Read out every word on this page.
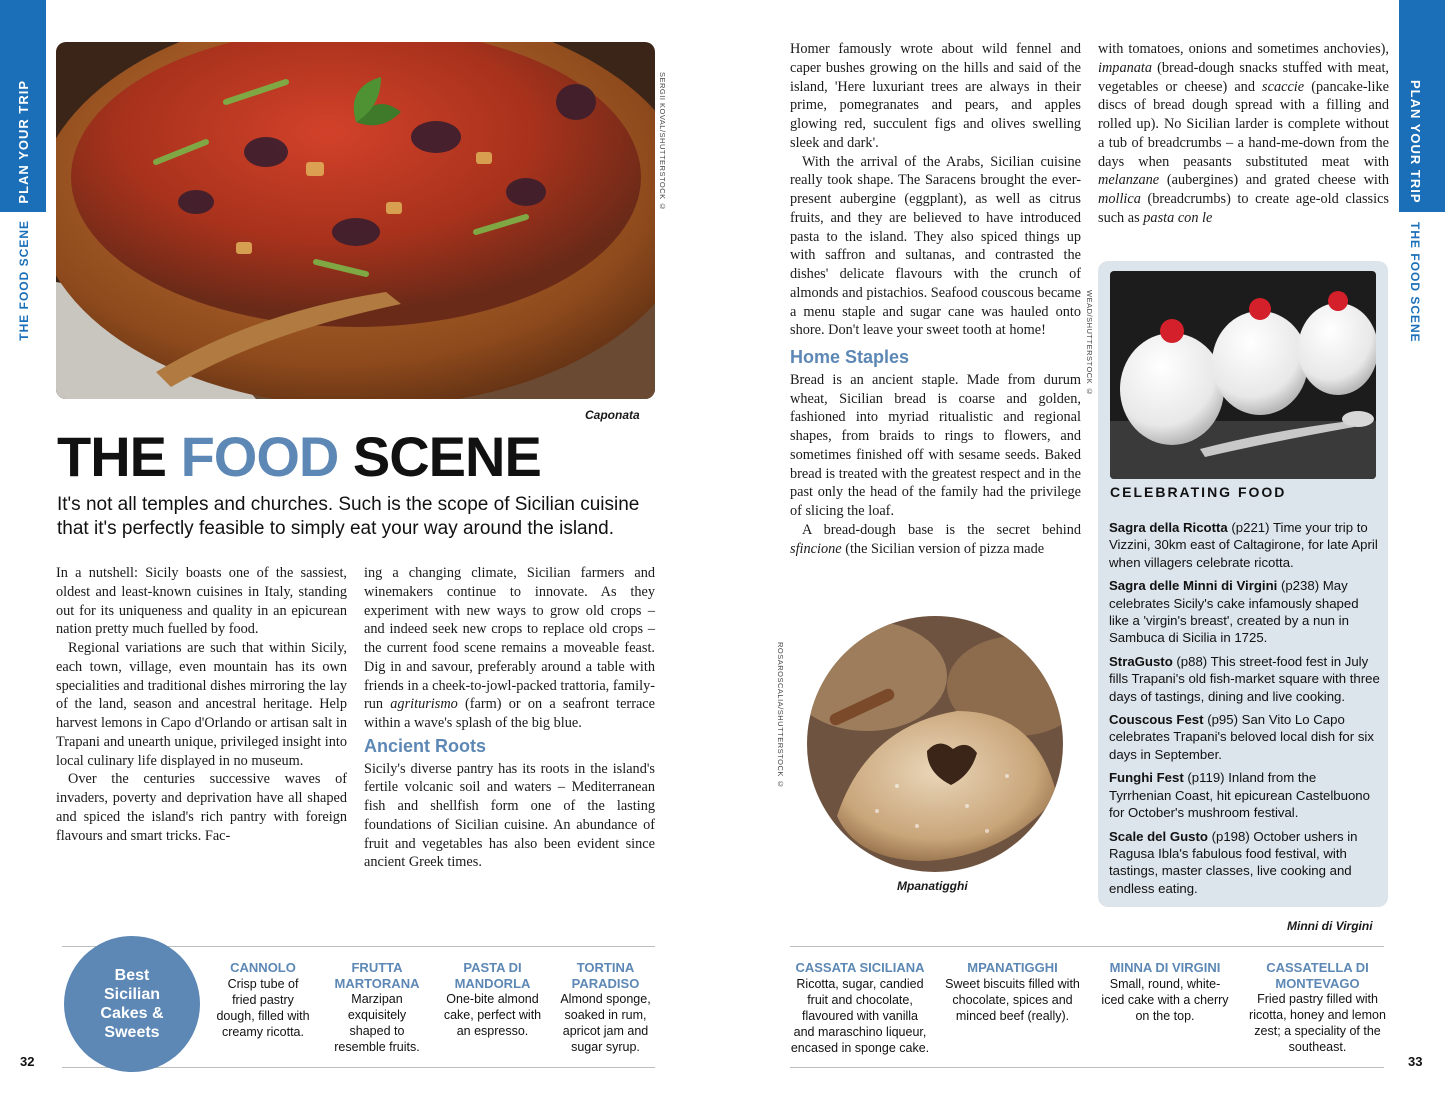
PLAN YOUR TRIP
THE FOOD SCENE
PLAN YOUR TRIP
THE FOOD SCENE
SERGII KOVAL/SHUTTERSTOCK ©
Caponata
THE FOOD SCENE
It's not all temples and churches. Such is the scope of Sicilian cuisine that it's perfectly feasible to simply eat your way around the island.

In a nutshell: Sicily boasts one of the sassiest, oldest and least-known cuisines in Italy, standing out for its uniqueness and quality in an epicurean nation pretty much fuelled by food.

Regional variations are such that within Sicily, each town, village, even mountain has its own specialities and traditional dishes mirroring the lay of the land, season and ancestral heritage. Help harvest lemons in Capo d'Orlando or artisan salt in Trapani and unearth unique, privileged insight into local culinary life displayed in no museum.

Over the centuries successive waves of invaders, poverty and deprivation have all shaped and spiced the island's rich pantry with foreign flavours and smart tricks. Fac-

ing a changing climate, Sicilian farmers and winemakers continue to innovate. As they experiment with new ways to grow old crops – and indeed seek new crops to replace old crops – the current food scene remains a moveable feast. Dig in and savour, preferably around a table with friends in a cheek-to-jowl-packed trattoria, family-run agriturismo (farm) or on a seafront terrace within a wave's splash of the big blue.

Ancient Roots

Sicily's diverse pantry has its roots in the island's fertile volcanic soil and waters – Mediterranean fish and shellfish form one of the lasting foundations of Sicilian cuisine. An abundance of fruit and vegetables has also been evident since ancient Greek times.

Homer famously wrote about wild fennel and caper bushes growing on the hills and said of the island, 'Here luxuriant trees are always in their prime, pomegranates and pears, and apples glowing red, succulent figs and olives swelling sleek and dark'.

With the arrival of the Arabs, Sicilian cuisine really took shape. The Saracens brought the ever-present aubergine (eggplant), as well as citrus fruits, and they are believed to have introduced pasta to the island. They also spiced things up with saffron and sultanas, and contrasted the dishes' delicate flavours with the crunch of almonds and pistachios. Seafood couscous became a menu staple and sugar cane was hauled onto shore. Don't leave your sweet tooth at home!

Home Staples

Bread is an ancient staple. Made from durum wheat, Sicilian bread is coarse and golden, fashioned into myriad ritualistic and regional shapes, from braids to rings to flowers, and sometimes finished off with sesame seeds. Baked bread is treated with the greatest respect and in the past only the head of the family had the privilege of slicing the loaf.

A bread-dough base is the secret behind sfincione (the Sicilian version of pizza made

with tomatoes, onions and sometimes anchovies), impanata (bread-dough snacks stuffed with meat, vegetables or cheese) and scaccie (pancake-like discs of bread dough spread with a filling and rolled up). No Sicilian larder is complete without a tub of breadcrumbs – a hand-me-down from the days when peasants substituted meat with melanzane (aubergines) and grated cheese with mollica (breadcrumbs) to create age-old classics such as pasta con le

WEAD/SHUTTERSTOCK ©
CELEBRATING FOOD
Sagra della Ricotta (p221) Time your trip to Vizzini, 30km east of Caltagirone, for late April when villagers celebrate ricotta.
Sagra delle Minni di Virgini (p238) May celebrates Sicily's cake infamously shaped like a 'virgin's breast', created by a nun in Sambuca di Sicilia in 1725.
StraGusto (p88) This street-food fest in July fills Trapani's old fish-market square with three days of tastings, dining and live cooking.
Couscous Fest (p95) San Vito Lo Capo celebrates Trapani's beloved local dish for six days in September.
Funghi Fest (p119) Inland from the Tyrrhenian Coast, hit epicurean Castelbuono for October's mushroom festival.
Scale del Gusto (p198) October ushers in Ragusa Ibla's fabulous food festival, with tastings, master classes, live cooking and endless eating.
Minni di Virgini
ROSAROSCALIA/SHUTTERSTOCK ©
Mpanatigghi
Best
Sicilian
Cakes &
Sweets
CANNOLO
Crisp tube of
fried pastry
dough, filled with
creamy ricotta.
FRUTTA
MARTORANA
Marzipan
exquisitely
shaped to
resemble fruits.
PASTA DI
MANDORLA
One-bite almond
cake, perfect with
an espresso.
TORTINA
PARADISO
Almond sponge,
soaked in rum,
apricot jam and
sugar syrup.
CASSATA SICILIANA
Ricotta, sugar, candied
fruit and chocolate,
flavoured with vanilla
and maraschino liqueur,
encased in sponge cake.
MPANATIGGHI
Sweet biscuits filled with
chocolate, spices and
minced beef (really).
MINNA DI VIRGINI
Small, round, white-
iced cake with a cherry
on the top.
CASSATELLA DI
MONTEVAGO
Fried pastry filled with
ricotta, honey and lemon
zest; a speciality of the
southeast.
32	33
